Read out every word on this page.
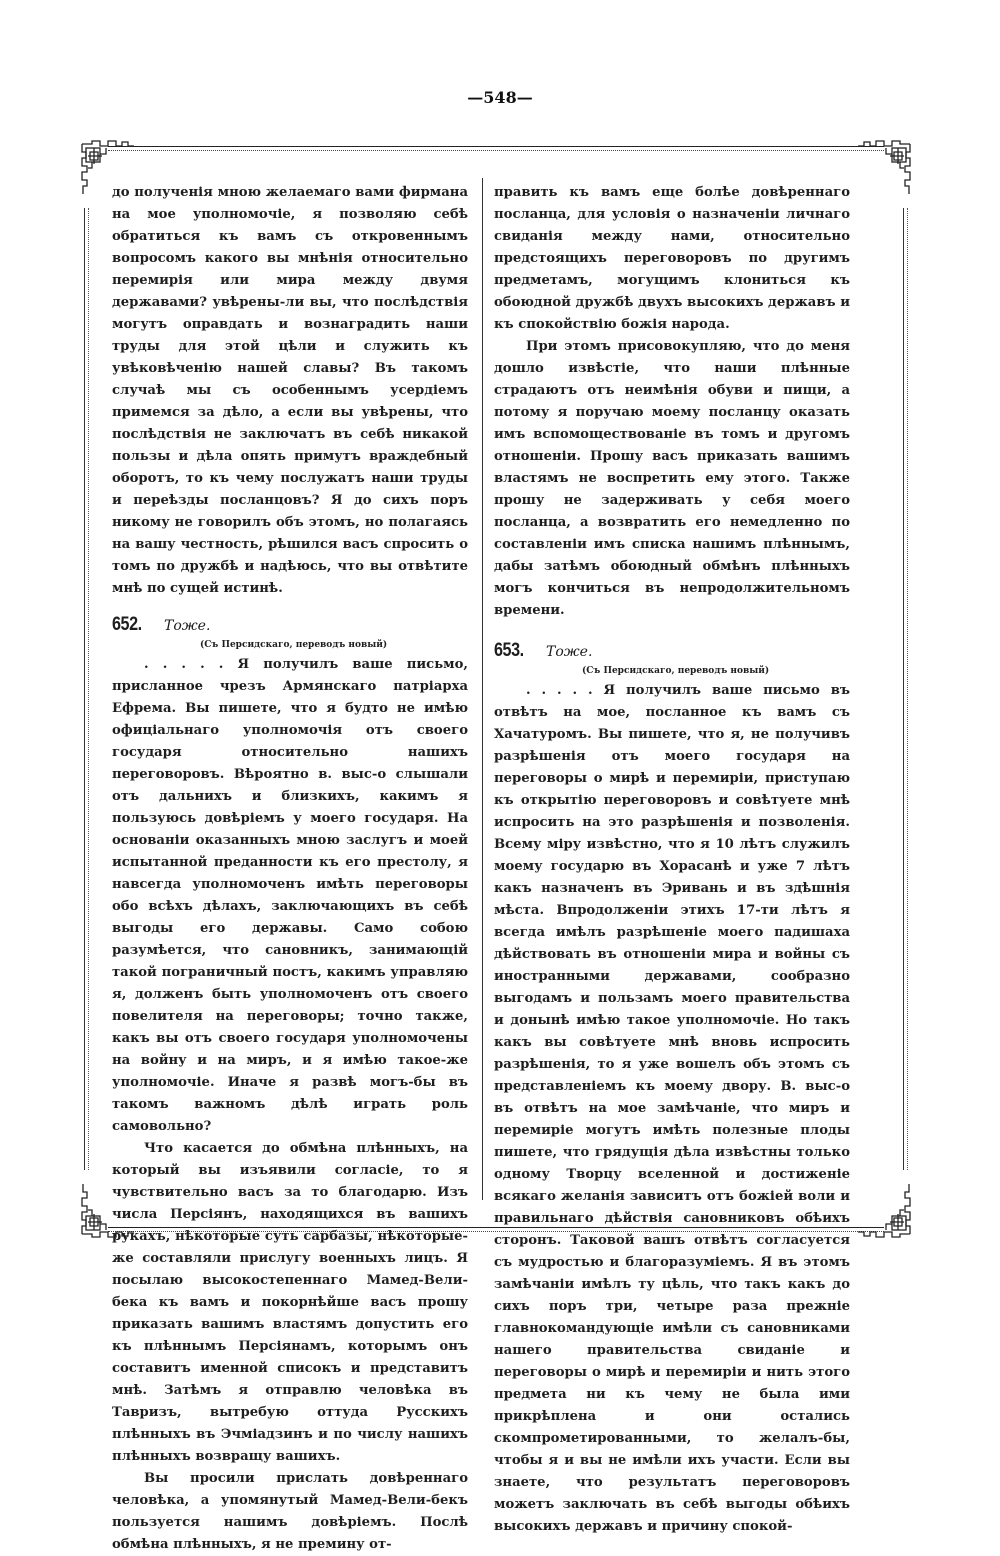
—548—

до полученія мною желаемаго вами фирмана на мое уполномочіе, я позволяю себѣ обратиться къ вамъ съ откровеннымъ вопросомъ какого вы мнѣнія относительно перемирія или мира между двумя державами? увѣрены-ли вы, что послѣдствія могутъ оправдать и вознаградить наши труды для этой цѣли и служить къ увѣковѣченію нашей славы? Въ такомъ случаѣ мы съ особеннымъ усердіемъ примемся за дѣло, а если вы увѣрены, что послѣдствія не заключатъ въ себѣ никакой пользы и дѣла опять примутъ враждебный оборотъ, то къ чему послужатъ наши труды и переѣзды посланцовъ? Я до сихъ поръ никому не говорилъ объ этомъ, но полагаясь на вашу честность, рѣшился васъ спросить о томъ по дружбѣ и надѣюсь, что вы отвѣтите мнѣ по сущей истинѣ.

652.	Тоже.
(Съ Персидскаго, переводъ новый)

. . . . . Я получилъ ваше письмо, присланное чрезъ Армянскаго патріарха Ефрема. Вы пишете, что я будто не имѣю офиціальнаго уполномочія отъ своего государя относительно нашихъ переговоровъ. Вѣроятно в. выс-о слышали отъ дальнихъ и близкихъ, какимъ я пользуюсь довѣріемъ у моего государя. На основаніи оказанныхъ мною заслугъ и моей испытанной преданности къ его престолу, я навсегда уполномоченъ имѣть переговоры обо всѣхъ дѣлахъ, заключающихъ въ себѣ выгоды его державы. Само собою разумѣется, что сановникъ, занимающій такой пограничный постъ, какимъ управляю я, долженъ быть уполномоченъ отъ своего повелителя на переговоры; точно также, какъ вы отъ своего государя уполномочены на войну и на миръ, и я имѣю такое-же уполномочіе. Иначе я развѣ могъ-бы въ такомъ важномъ дѣлѣ играть роль самовольно?

Что касается до обмѣна плѣнныхъ, на который вы изъявили согласіе, то я чувствительно васъ за то благодарю. Изъ числа Персіянъ, находящихся въ вашихъ рукахъ, нѣкоторые суть сарбазы, нѣкоторые-же составляли прислугу военныхъ лицъ. Я посылаю высокостепеннаго Мамед-Вели-бека къ вамъ и покорнѣйше васъ прошу приказать вашимъ властямъ допустить его къ плѣннымъ Персіянамъ, которымъ онъ составитъ именной списокъ и представитъ мнѣ. Затѣмъ я отправлю человѣка въ Тавризъ, вытребую оттуда Русскихъ плѣнныхъ въ Эчміадзинъ и по числу нашихъ плѣнныхъ возвращу вашихъ.

Вы просили прислать довѣреннаго человѣка, а упомянутый Мамед-Вели-бекъ пользуется нашимъ довѣріемъ. Послѣ обмѣна плѣнныхъ, я не премину от-

править къ вамъ еще болѣе довѣреннаго посланца, для условія о назначеніи личнаго свиданія между нами, относительно предстоящихъ переговоровъ по другимъ предметамъ, могущимъ клониться къ обоюдной дружбѣ двухъ высокихъ державъ и къ спокойствію божія народа.

При этомъ присовокупляю, что до меня дошло извѣстіе, что наши плѣнные страдаютъ отъ неимѣнія обуви и пищи, а потому я поручаю моему посланцу оказать имъ вспомоществованіе въ томъ и другомъ отношеніи. Прошу васъ приказать вашимъ властямъ не воспретить ему этого. Также прошу не задерживать у себя моего посланца, а возвратить его немедленно по составленіи имъ списка нашимъ плѣннымъ, дабы затѣмъ обоюдный обмѣнъ плѣнныхъ могъ кончиться въ непродолжительномъ времени.

653.	Тоже.
(Съ Персидскаго, переводъ новый)

. . . . . Я получилъ ваше письмо въ отвѣтъ на мое, посланное къ вамъ съ Хачатуромъ. Вы пишете, что я, не получивъ разрѣшенія отъ моего государя на переговоры о мирѣ и перемиріи, приступаю къ открытію переговоровъ и совѣтуете мнѣ испросить на это разрѣшенія и позволенія. Всему міру извѣстно, что я 10 лѣтъ служилъ моему государю въ Хорасанѣ и уже 7 лѣтъ какъ назначенъ въ Эривань и въ здѣшнія мѣста. Впродолженіи этихъ 17-ти лѣтъ я всегда имѣлъ разрѣшеніе моего падишаха дѣйствовать въ отношеніи мира и войны съ иностранными державами, сообразно выгодамъ и пользамъ моего правительства и донынѣ имѣю такое уполномочіе. Но такъ какъ вы совѣтуете мнѣ вновь испросить разрѣшенія, то я уже вошелъ объ этомъ съ представленіемъ къ моему двору. В. выс-о въ отвѣтъ на мое замѣчаніе, что миръ и перемиріе могутъ имѣть полезные плоды пишете, что грядущія дѣла извѣстны только одному Творцу вселенной и достиженіе всякаго желанія зависитъ отъ божіей воли и правильнаго дѣйствія сановниковъ обѣихъ сторонъ. Таковой вашъ отвѣтъ согласуется съ мудростью и благоразуміемъ. Я въ этомъ замѣчаніи имѣлъ ту цѣль, что такъ какъ до сихъ поръ три, четыре раза прежніе главнокомандующіе имѣли съ сановниками нашего правительства свиданіе и переговоры о мирѣ и перемиріи и нить этого предмета ни къ чему не была ими прикрѣплена и они остались скомпрометированными, то желалъ-бы, чтобы я и вы не имѣли ихъ участи. Если вы знаете, что результатъ переговоровъ можетъ заключать въ себѣ выгоды обѣихъ высокихъ державъ и причину спокой-
